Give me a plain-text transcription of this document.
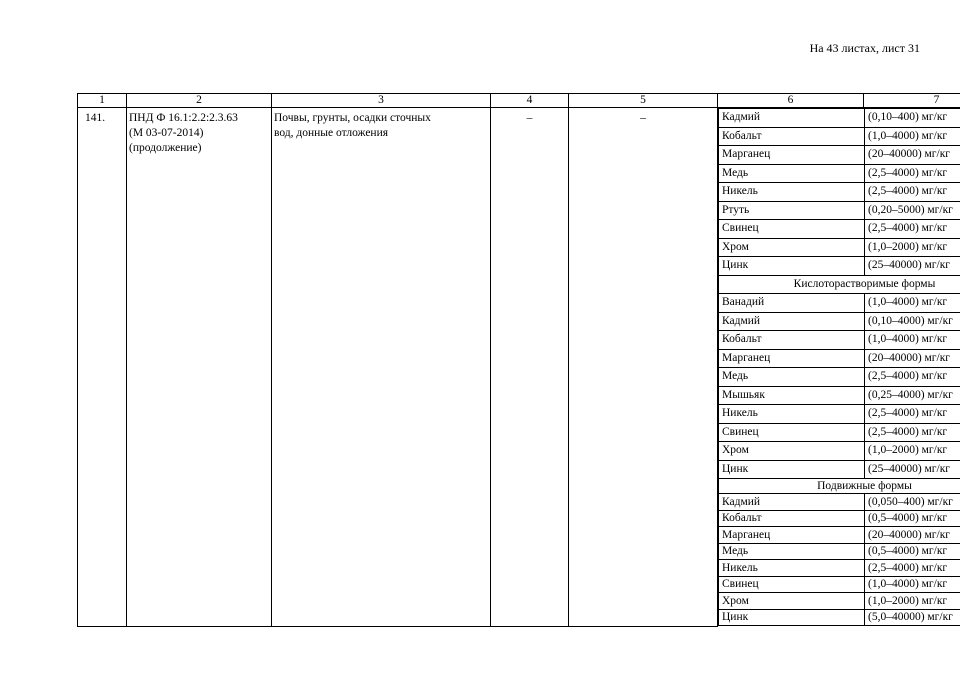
На 43 листах, лист 31
1	2	3	4	5	6	7
141.	ПНД Ф 16.1:2.2:2.3.63
(М 03-07-2014)
(продолжение)	Почвы, грунты, осадки сточных
вод, донные отложения	–	–		Кадмий	(0,10–400) мг/кг
Кобальт	(1,0–4000) мг/кг
Марганец	(20–40000) мг/кг
Медь	(2,5–4000) мг/кг
Никель	(2,5–4000) мг/кг
Ртуть	(0,20–5000) мг/кг
Свинец	(2,5–4000) мг/кг
Хром	(1,0–2000) мг/кг
Цинк	(25–40000) мг/кг
Кислоторастворимые формы
Ванадий	(1,0–4000) мг/кг
Кадмий	(0,10–4000) мг/кг
Кобальт	(1,0–4000) мг/кг
Марганец	(20–40000) мг/кг
Медь	(2,5–4000) мг/кг
Мышьяк	(0,25–4000) мг/кг
Никель	(2,5–4000) мг/кг
Свинец	(2,5–4000) мг/кг
Хром	(1,0–2000) мг/кг
Цинк	(25–40000) мг/кг
Подвижные формы
Кадмий	(0,050–400) мг/кг
Кобальт	(0,5–4000) мг/кг
Марганец	(20–40000) мг/кг
Медь	(0,5–4000) мг/кг
Никель	(2,5–4000) мг/кг
Свинец	(1,0–4000) мг/кг
Хром	(1,0–2000) мг/кг
Цинк	(5,0–40000) мг/кг
